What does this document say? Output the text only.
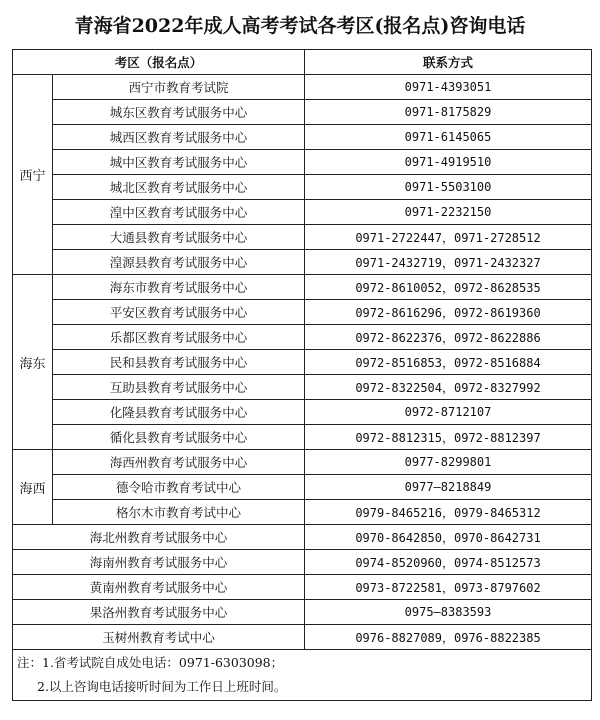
青海省2022年成人高考考试各考区(报名点)咨询电话
考区（报名点）		联系方式
西宁	西宁市教育考试院	0971-4393051
	城东区教育考试服务中心	0971-8175829
	城西区教育考试服务中心	0971-6145065
	城中区教育考试服务中心	0971-4919510
	城北区教育考试服务中心	0971-5503100
	湟中区教育考试服务中心	0971-2232150
	大通县教育考试服务中心	0971-2722447，0971-2728512
	湟源县教育考试服务中心	0971-2432719，0971-2432327
海东	海东市教育考试服务中心	0972-8610052，0972-8628535
	平安区教育考试服务中心	0972-8616296，0972-8619360
	乐都区教育考试服务中心	0972-8622376，0972-8622886
	民和县教育考试服务中心	0972-8516853，0972-8516884
	互助县教育考试服务中心	0972-8322504，0972-8327992
	化隆县教育考试服务中心	0972-8712107
	循化县教育考试服务中心	0972-8812315，0972-8812397
海西	海西州教育考试服务中心	0977-8299801
	德令哈市教育考试中心	0977—8218849
	格尔木市教育考试中心	0979-8465216，0979-8465312
海北州教育考试服务中心		0970-8642850，0970-8642731
海南州教育考试服务中心		0974-8520960，0974-8512573
黄南州教育考试服务中心		0973-8722581，0973-8797602
果洛州教育考试服务中心		0975—8383593
玉树州教育考试中心		0976-8827089，0976-8822385

注：1.省考试院自成处电话：0971-6303098；
2.以上咨询电话接听时间为工作日上班时间。		
